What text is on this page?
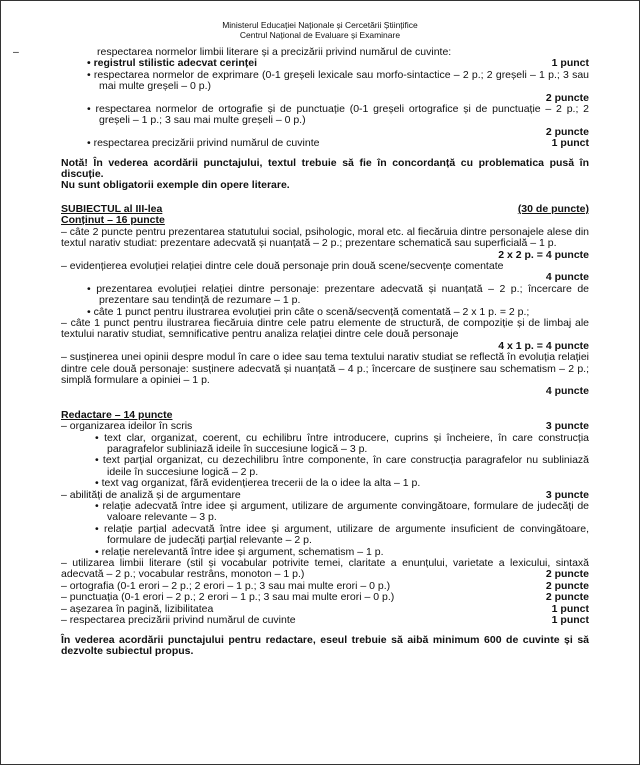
Ministerul Educației Naționale și Cercetării Științifice
Centrul Național de Evaluare și Examinare
–	respectarea normelor limbii literare și a precizării privind numărul de cuvinte:
• registrul stilistic adecvat cerinței	1 punct
• respectarea normelor de exprimare (0-1 greșeli lexicale sau morfo-sintactice – 2 p.; 2 greșeli – 1 p.; 3 sau mai multe greșeli – 0 p.)
2 puncte
• respectarea normelor de ortografie și de punctuație (0-1 greșeli ortografice și de punctuație – 2 p.; 2 greșeli – 1 p.; 3 sau mai multe greșeli – 0 p.)
2 puncte
• respectarea precizării privind numărul de cuvinte	1 punct
Notă! În vederea acordării punctajului, textul trebuie să fie în concordanță cu problematica pusă în discuție.
Nu sunt obligatorii exemple din opere literare.
SUBIECTUL al III-lea	(30 de puncte)
Conținut – 16 puncte
– câte 2 puncte pentru prezentarea statutului social, psihologic, moral etc. al fiecăruia dintre personajele alese din textul narativ studiat: prezentare adecvată și nuanțată – 2 p.; prezentare schematică sau superficială – 1 p.
2 x 2 p. = 4 puncte
– evidențierea evoluției relației dintre cele două personaje prin două scene/secvențe comentate
4 puncte
• prezentarea evoluției relației dintre personaje: prezentare adecvată și nuanțată – 2 p.; încercare de prezentare sau tendință de rezumare – 1 p.
• câte 1 punct pentru ilustrarea evoluției prin câte o scenă/secvență comentată – 2 x 1 p. = 2 p.;
– câte 1 punct pentru ilustrarea fiecăruia dintre cele patru elemente de structură, de compoziție și de limbaj ale textului narativ studiat, semnificative pentru analiza relației dintre cele două personaje
4 x 1 p. = 4 puncte
– susținerea unei opinii despre modul în care o idee sau tema textului narativ studiat se reflectă în evoluția relației dintre cele două personaje: susținere adecvată și nuanțată – 4 p.; încercare de susținere sau schematism – 2 p.; simplă formulare a opiniei – 1 p.
4 puncte
Redactare – 14 puncte
– organizarea ideilor în scris	3 puncte
• text clar, organizat, coerent, cu echilibru între introducere, cuprins și încheiere, în care construcția paragrafelor subliniază ideile în succesiune logică – 3 p.
• text parțial organizat, cu dezechilibru între componente, în care construcția paragrafelor nu subliniază ideile în succesiune logică – 2 p.
• text vag organizat, fără evidențierea trecerii de la o idee la alta – 1 p.
– abilități de analiză și de argumentare	3 puncte
• relație adecvată între idee și argument, utilizare de argumente convingătoare, formulare de judecăți de valoare relevante – 3 p.
• relație parțial adecvată între idee și argument, utilizare de argumente insuficient de convingătoare, formulare de judecăți parțial relevante – 2 p.
• relație nerelevantă între idee și argument, schematism – 1 p.
– utilizarea limbii literare (stil și vocabular potrivite temei, claritate a enunțului, varietate a lexicului, sintaxă adecvată – 2 p.; vocabular restrâns, monoton – 1 p.)	2 puncte
– ortografia (0-1 erori – 2 p.; 2 erori – 1 p.; 3 sau mai multe erori – 0 p.)	2 puncte
– punctuația (0-1 erori – 2 p.; 2 erori – 1 p.; 3 sau mai multe erori – 0 p.)	2 puncte
– așezarea în pagină, lizibilitatea	1 punct
– respectarea precizării privind numărul de cuvinte	1 punct
În vederea acordării punctajului pentru redactare, eseul trebuie să aibă minimum 600 de cuvinte și să dezvolte subiectul propus.
